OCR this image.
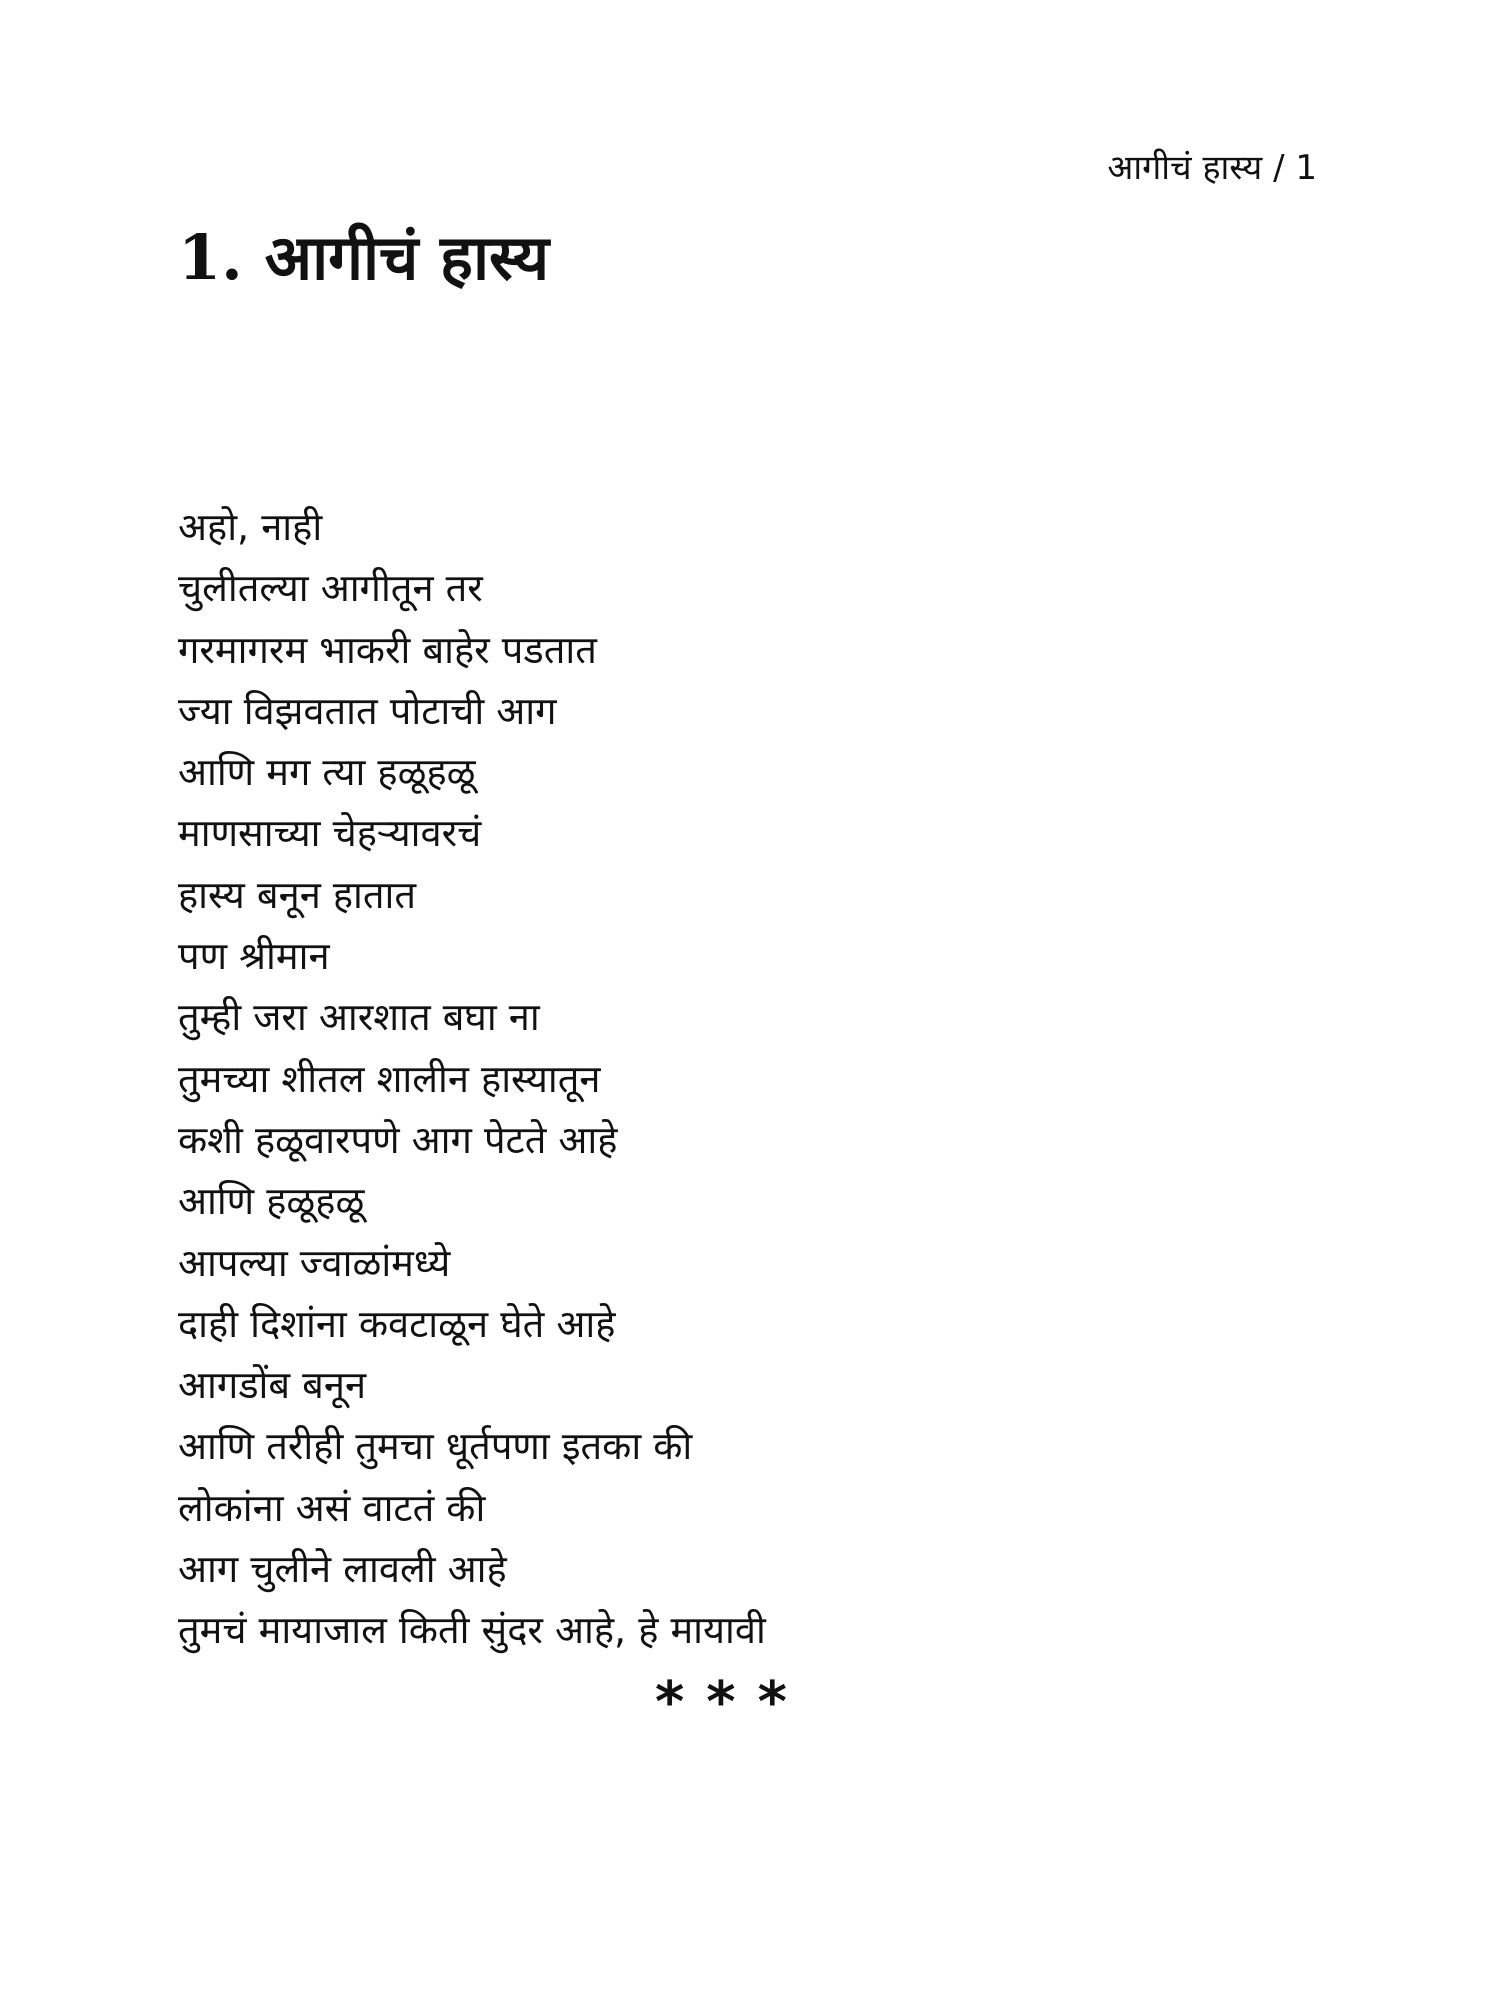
आगीचं हास्य / 1
1. आगीचं हास्य
अहो, नाही
चुलीतल्या आगीतून तर
गरमागरम भाकरी बाहेर पडतात
ज्या विझवतात पोटाची आग
आणि मग त्या हळूहळू
माणसाच्या चेहऱ्यावरचं
हास्य बनून हातात
पण श्रीमान
तुम्ही जरा आरशात बघा ना
तुमच्या शीतल शालीन हास्यातून
कशी हळूवारपणे आग पेटते आहे
आणि हळूहळू
आपल्या ज्वाळांमध्ये
दाही दिशांना कवटाळून घेते आहे
आगडोंब बनून
आणि तरीही तुमचा धूर्तपणा इतका की
लोकांना असं वाटतं की
आग चुलीने लावली आहे
तुमचं मायाजाल किती सुंदर आहे, हे मायावी
***
